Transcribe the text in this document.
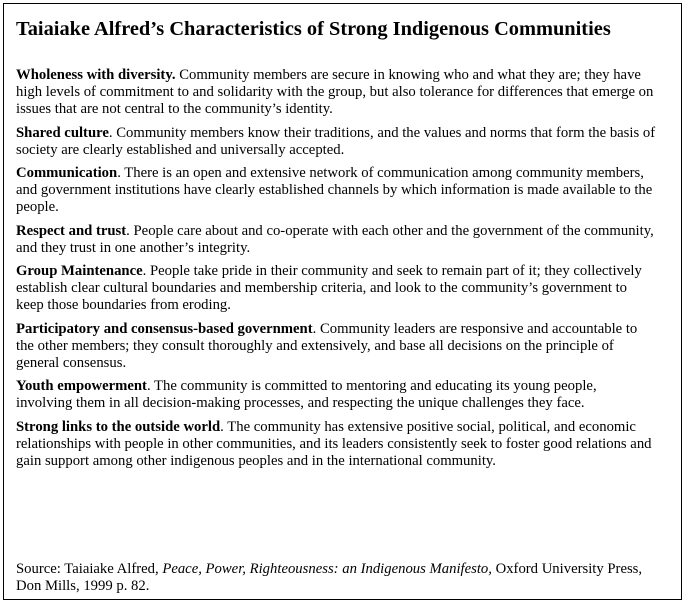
Taiaiake Alfred’s Characteristics of Strong Indigenous Communities

Wholeness with diversity. Community members are secure in knowing who and what they are; they have high levels of commitment to and solidarity with the group, but also tolerance for differences that emerge on issues that are not central to the community’s identity.

Shared culture. Community members know their traditions, and the values and norms that form the basis of society are clearly established and universally accepted.

Communication. There is an open and extensive network of communication among community members, and government institutions have clearly established channels by which information is made available to the people.

Respect and trust. People care about and co-operate with each other and the government of the community, and they trust in one another’s integrity.

Group Maintenance. People take pride in their community and seek to remain part of it; they collectively establish clear cultural boundaries and membership criteria, and look to the community’s government to keep those boundaries from eroding.

Participatory and consensus-based government. Community leaders are responsive and accountable to the other members; they consult thoroughly and extensively, and base all decisions on the principle of general consensus.

Youth empowerment. The community is committed to mentoring and educating its young people, involving them in all decision-making processes, and respecting the unique challenges they face.

Strong links to the outside world. The community has extensive positive social, political, and economic relationships with people in other communities, and its leaders consistently seek to foster good relations and gain support among other indigenous peoples and in the international community.

Source: Taiaiake Alfred, Peace, Power, Righteousness: an Indigenous Manifesto, Oxford University Press, Don Mills, 1999 p. 82.
